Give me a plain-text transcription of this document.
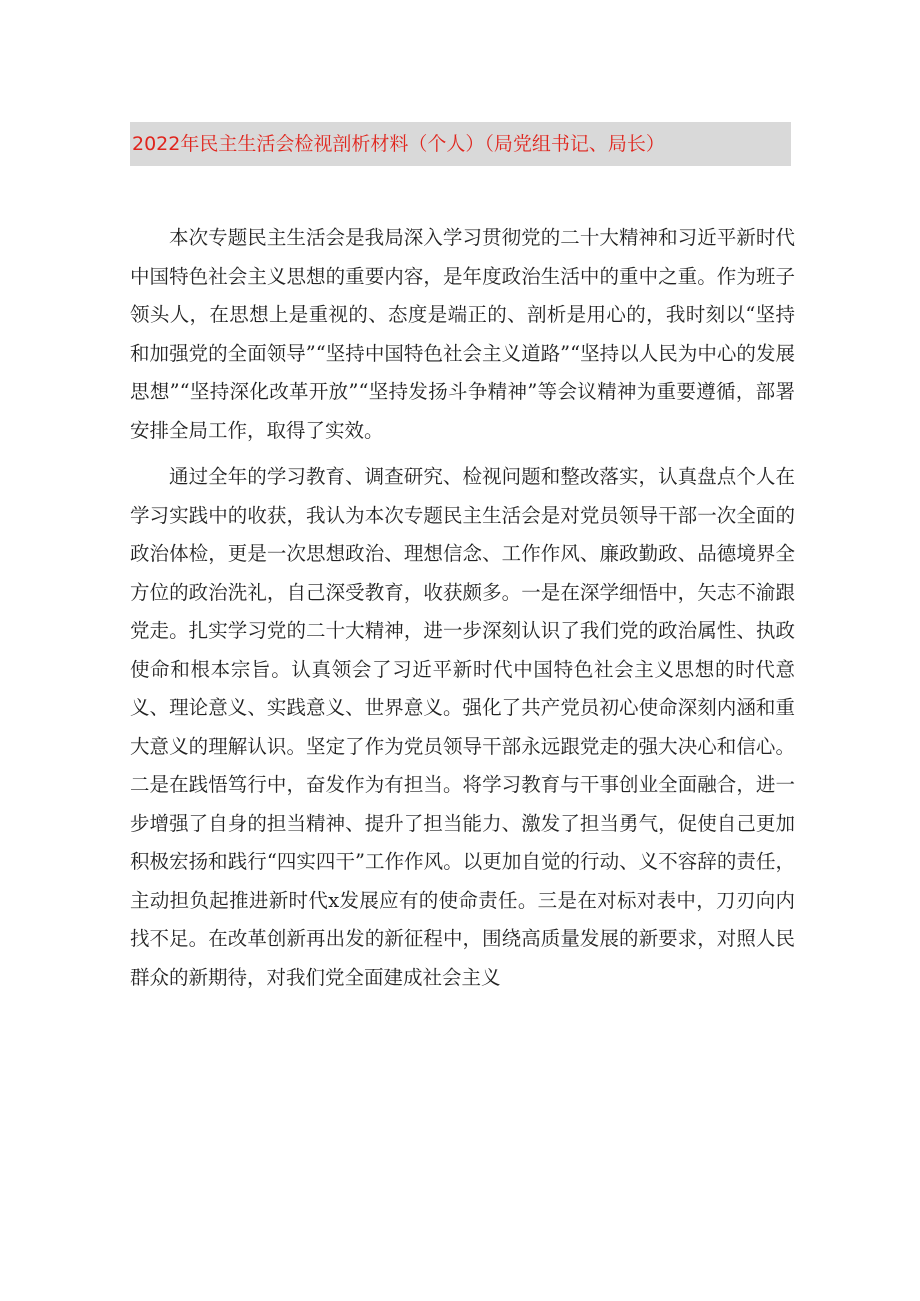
2022年民主生活会检视剖析材料（个人）（局党组书记、局长）

本次专题民主生活会是我局深入学习贯彻党的二十大精神和习近平新时代中国特色社会主义思想的重要内容，是年度政治生活中的重中之重。作为班子领头人，在思想上是重视的、态度是端正的、剖析是用心的，我时刻以“坚持和加强党的全面领导”“坚持中国特色社会主义道路”“坚持以人民为中心的发展思想”“坚持深化改革开放”“坚持发扬斗争精神”等会议精神为重要遵循，部署安排全局工作，取得了实效。

通过全年的学习教育、调查研究、检视问题和整改落实，认真盘点个人在学习实践中的收获，我认为本次专题民主生活会是对党员领导干部一次全面的政治体检，更是一次思想政治、理想信念、工作作风、廉政勤政、品德境界全方位的政治洗礼，自己深受教育，收获颇多。一是在深学细悟中，矢志不渝跟党走。扎实学习党的二十大精神，进一步深刻认识了我们党的政治属性、执政使命和根本宗旨。认真领会了习近平新时代中国特色社会主义思想的时代意义、理论意义、实践意义、世界意义。强化了共产党员初心使命深刻内涵和重大意义的理解认识。坚定了作为党员领导干部永远跟党走的强大决心和信心。二是在践悟笃行中，奋发作为有担当。将学习教育与干事创业全面融合，进一步增强了自身的担当精神、提升了担当能力、激发了担当勇气，促使自己更加积极宏扬和践行“四实四干”工作作风。以更加自觉的行动、义不容辞的责任，主动担负起推进新时代x发展应有的使命责任。三是在对标对表中，刀刃向内找不足。在改革创新再出发的新征程中，围绕高质量发展的新要求，对照人民群众的新期待，对我们党全面建成社会主义
